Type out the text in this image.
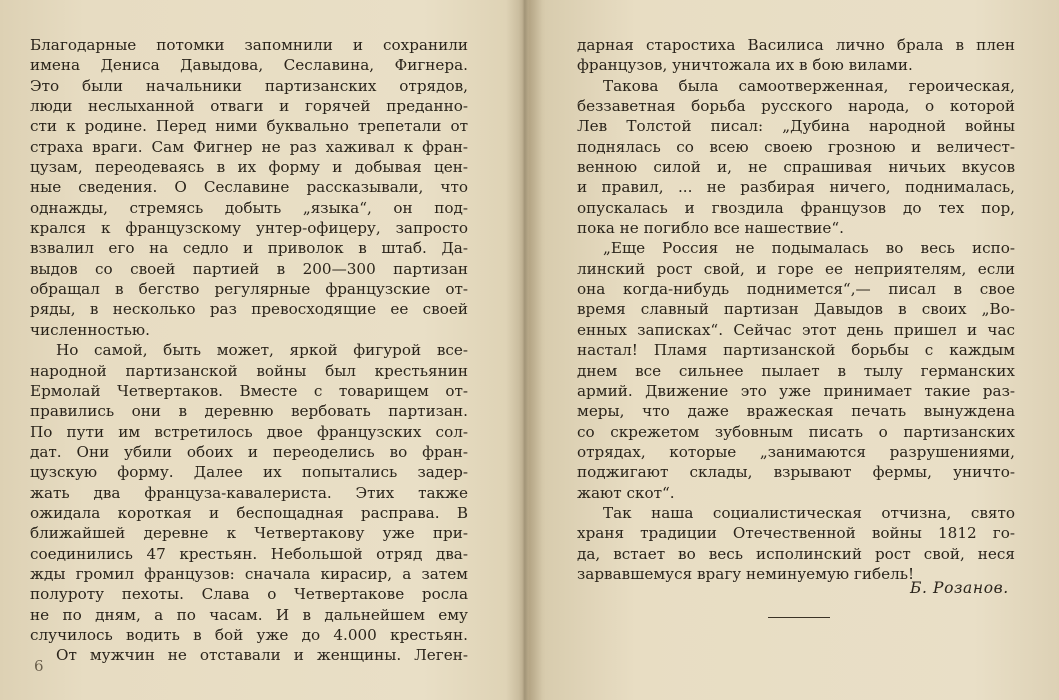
Благодарные потомки запомнили и сохранили
имена Дениса Давыдова, Сеславина, Фигнера.
Это были начальники партизанских отрядов,
люди неслыханной отваги и горячей преданно-
сти к родине. Перед ними буквально трепетали от
страха враги. Сам Фигнер не раз хаживал к фран-
цузам, переодеваясь в их форму и добывая цен-
ные сведения. О Сеславине рассказывали, что
однажды, стремясь добыть „языка“, он под-
крался к французскому унтер-офицеру, запросто
взвалил его на седло и приволок в штаб. Да-
выдов со своей партией в 200—300 партизан
обращал в бегство регулярные французские от-
ряды, в несколько раз превосходящие ее своей
численностью.
Но самой, быть может, яркой фигурой все-
народной партизанской войны был крестьянин
Ермолай Четвертаков. Вместе с товарищем от-
правились они в деревню вербовать партизан.
По пути им встретилось двое французских сол-
дат. Они убили обоих и переоделись во фран-
цузскую форму. Далее их попытались задер-
жать два француза-кавалериста. Этих также
ожидала короткая и беспощадная расправа. В
ближайшей деревне к Четвертакову уже при-
соединились 47 крестьян. Небольшой отряд два-
жды громил французов: сначала кирасир, а затем
полуроту пехоты. Слава о Четвертакове росла
не по дням, а по часам. И в дальнейшем ему
случилось водить в бой уже до 4.000 крестьян.
От мужчин не отставали и женщины. Леген-
дарная старостиха Василиса лично брала в плен
французов, уничтожала их в бою вилами.
Такова была самоотверженная, героическая,
беззаветная борьба русского народа, о которой
Лев Толстой писал: „Дубина народной войны
поднялась со всею своею грозною и величест-
венною силой и, не спрашивая ничьих вкусов
и правил, ... не разбирая ничего, поднималась,
опускалась и гвоздила французов до тех пор,
пока не погибло все нашествие“.
„Еще Россия не подымалась во весь испо-
линский рост свой, и горе ее неприятелям, если
она когда-нибудь поднимется“,— писал в свое
время славный партизан Давыдов в своих „Во-
енных записках“. Сейчас этот день пришел и час
настал! Пламя партизанской борьбы с каждым
днем все сильнее пылает в тылу германских
армий. Движение это уже принимает такие раз-
меры, что даже вражеская печать вынуждена
со скрежетом зубовным писать о партизанских
отрядах, которые „занимаются разрушениями,
поджигают склады, взрывают фермы, уничто-
жают скот“.
Так наша социалистическая отчизна, свято
храня традиции Отечественной войны 1812 го-
да, встает во весь исполинский рост свой, неся
зарвавшемуся врагу неминуемую гибель!
Б. Розанов.
6
